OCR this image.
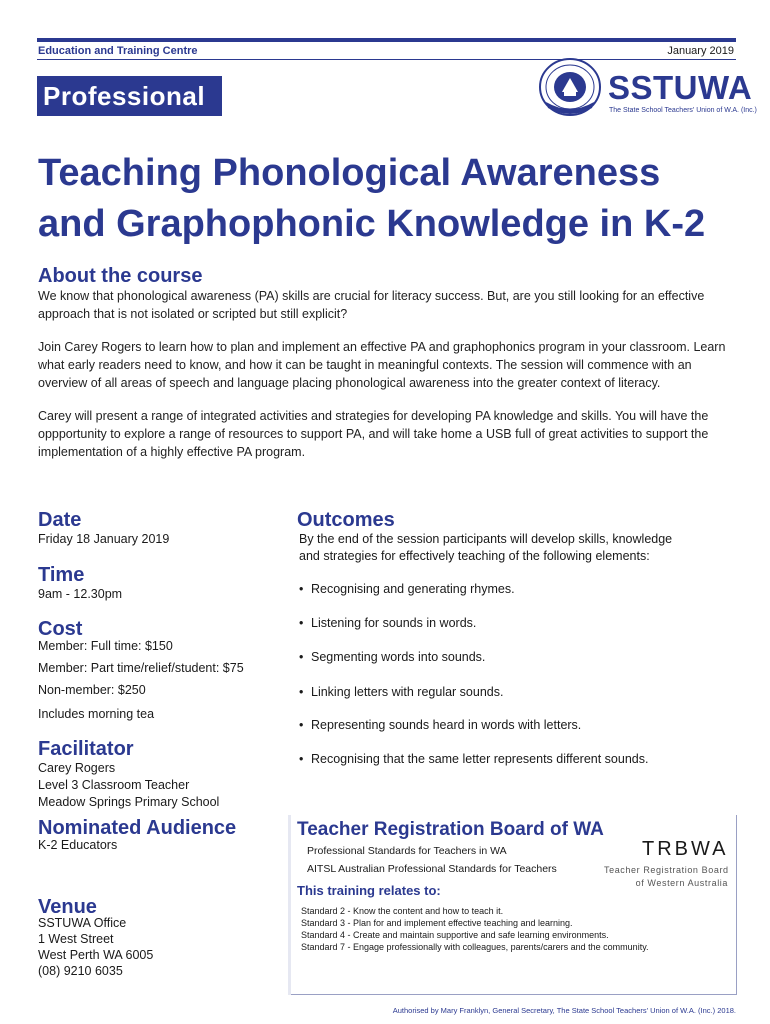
Education and Training Centre	January 2019
Professional	SSTUWA
The State School Teachers' Union of W.A. (Inc.)
Teaching Phonological Awareness
and Graphophonic Knowledge in K-2
About the course

We know that phonological awareness (PA) skills are crucial for literacy success. But, are you still looking for an effective approach that is not isolated or scripted but still explicit?

Join Carey Rogers to learn how to plan and implement an effective PA and graphophonics program in your classroom. Learn what early readers need to know, and how it can be taught in meaningful contexts. The session will commence with an overview of all areas of speech and language placing phonological awareness into the greater context of literacy.

Carey will present a range of integrated activities and strategies for developing PA knowledge and skills. You will have the oppportunity to explore a range of resources to support PA, and will take home a USB full of great activities to support the implementation of a highly effective PA program.

Date
Friday 18 January 2019
Time
9am - 12.30pm
Cost
Member: Full time: $150
Member: Part time/relief/student: $75
Non-member: $250
Includes morning tea
Facilitator
Carey Rogers
Level 3 Classroom Teacher
Meadow Springs Primary School
Nominated Audience
K-2 Educators
Venue
SSTUWA Office
1 West Street
West Perth WA 6005
(08) 9210 6035
Outcomes
By the end of the session participants will develop skills, knowledge
and strategies for effectively teaching of the following elements:
• Recognising and generating rhymes.
• Listening for sounds in words.
• Segmenting words into sounds.
• Linking letters with regular sounds.
• Representing sounds heard in words with letters.
• Recognising that the same letter represents different sounds.
Teacher Registration Board of WA
Professional Standards for Teachers in WA
AITSL Australian Professional Standards for Teachers
This training relates to:
Standard 2 - Know the content and how to teach it.
Standard 3 - Plan for and implement effective teaching and learning.
Standard 4 - Create and maintain supportive and safe learning environments.
Standard 7 - Engage professionally with colleagues, parents/carers and the community.
TRBWA
Teacher Registration Board
of Western Australia
Authorised by Mary Franklyn, General Secretary, The State School Teachers' Union of W.A. (Inc.) 2018.
